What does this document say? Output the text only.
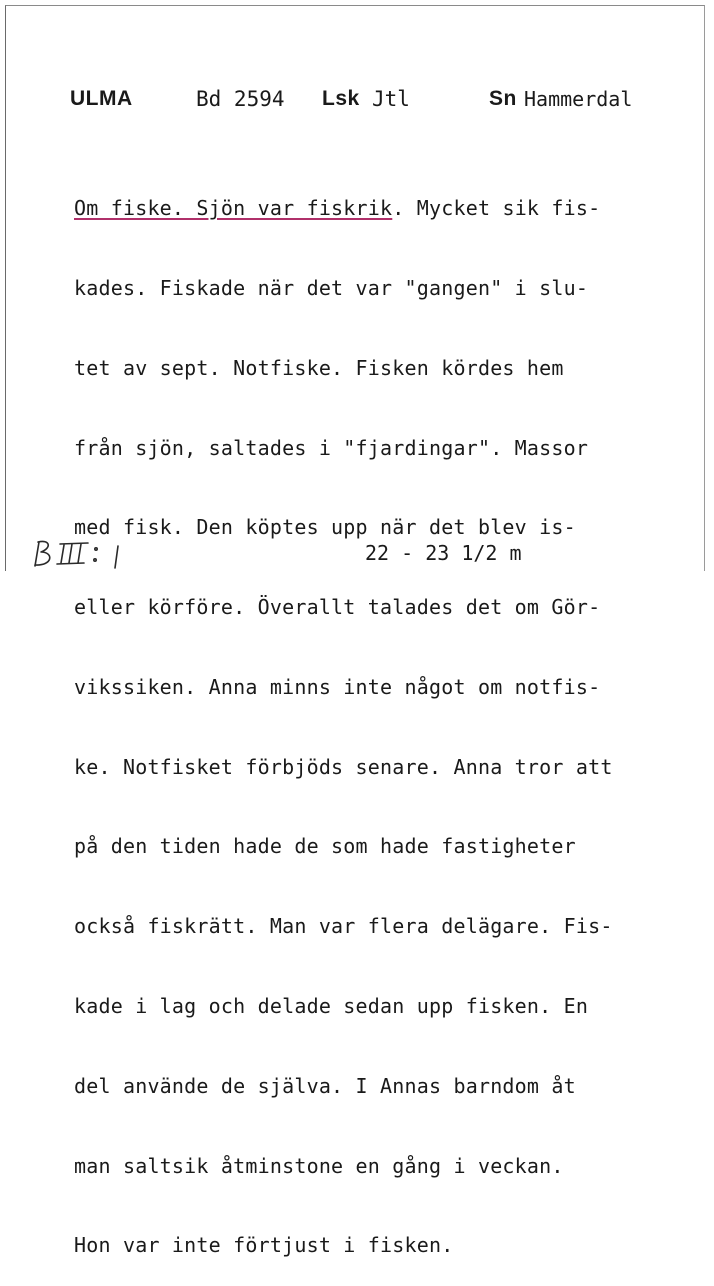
ULMA	Bd 2594 Lsk Jtl	Sn Hammerdal

Om fiske. Sjön var fiskrik. Mycket sik fis-

kades. Fiskade när det var "gangen" i slu-

tet av sept. Notfiske. Fisken kördes hem

från sjön, saltades i "fjardingar". Massor

med fisk. Den köptes upp när det blev is-

eller körföre. Överallt talades det om Gör-

vikssiken. Anna minns inte något om notfis-

ke. Notfisket förbjöds senare. Anna tror att

på den tiden hade de som hade fastigheter

också fiskrätt. Man var flera delägare. Fis-

kade i lag och delade sedan upp fisken. En

del använde de själva. I Annas barndom åt

man saltsik åtminstone en gång i veckan.

Hon var inte förtjust i fisken.

22 - 23 1/2 m
